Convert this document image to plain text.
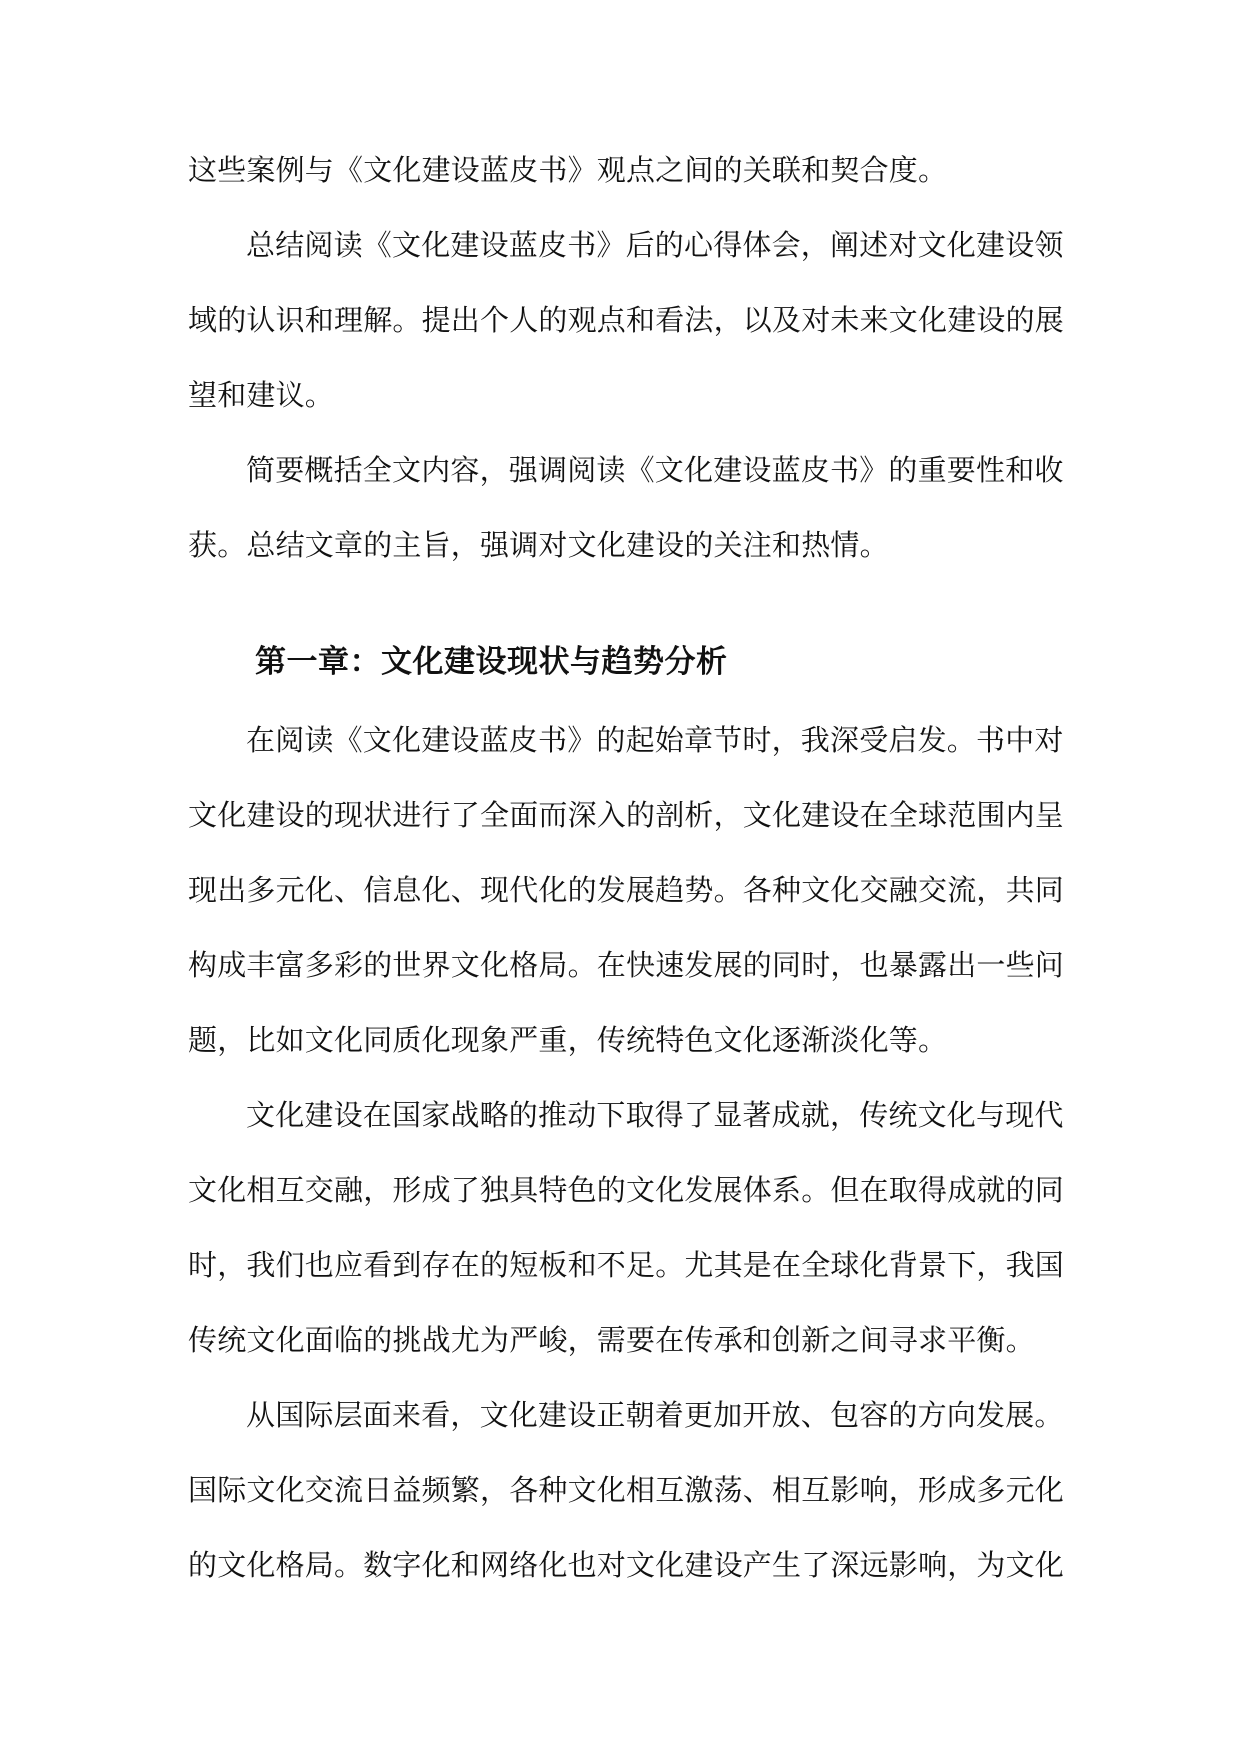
这些案例与《文化建设蓝皮书》观点之间的关联和契合度。
总结阅读《文化建设蓝皮书》后的心得体会，阐述对文化建设领
域的认识和理解。提出个人的观点和看法，以及对未来文化建设的展
望和建议。
简要概括全文内容，强调阅读《文化建设蓝皮书》的重要性和收
获。总结文章的主旨，强调对文化建设的关注和热情。
第一章：文化建设现状与趋势分析
在阅读《文化建设蓝皮书》的起始章节时，我深受启发。书中对
文化建设的现状进行了全面而深入的剖析，文化建设在全球范围内呈
现出多元化、信息化、现代化的发展趋势。各种文化交融交流，共同
构成丰富多彩的世界文化格局。在快速发展的同时，也暴露出一些问
题，比如文化同质化现象严重，传统特色文化逐渐淡化等。
文化建设在国家战略的推动下取得了显著成就，传统文化与现代
文化相互交融，形成了独具特色的文化发展体系。但在取得成就的同
时，我们也应看到存在的短板和不足。尤其是在全球化背景下，我国
传统文化面临的挑战尤为严峻，需要在传承和创新之间寻求平衡。
从国际层面来看，文化建设正朝着更加开放、包容的方向发展。
国际文化交流日益频繁，各种文化相互激荡、相互影响，形成多元化
的文化格局。数字化和网络化也对文化建设产生了深远影响，为文化
